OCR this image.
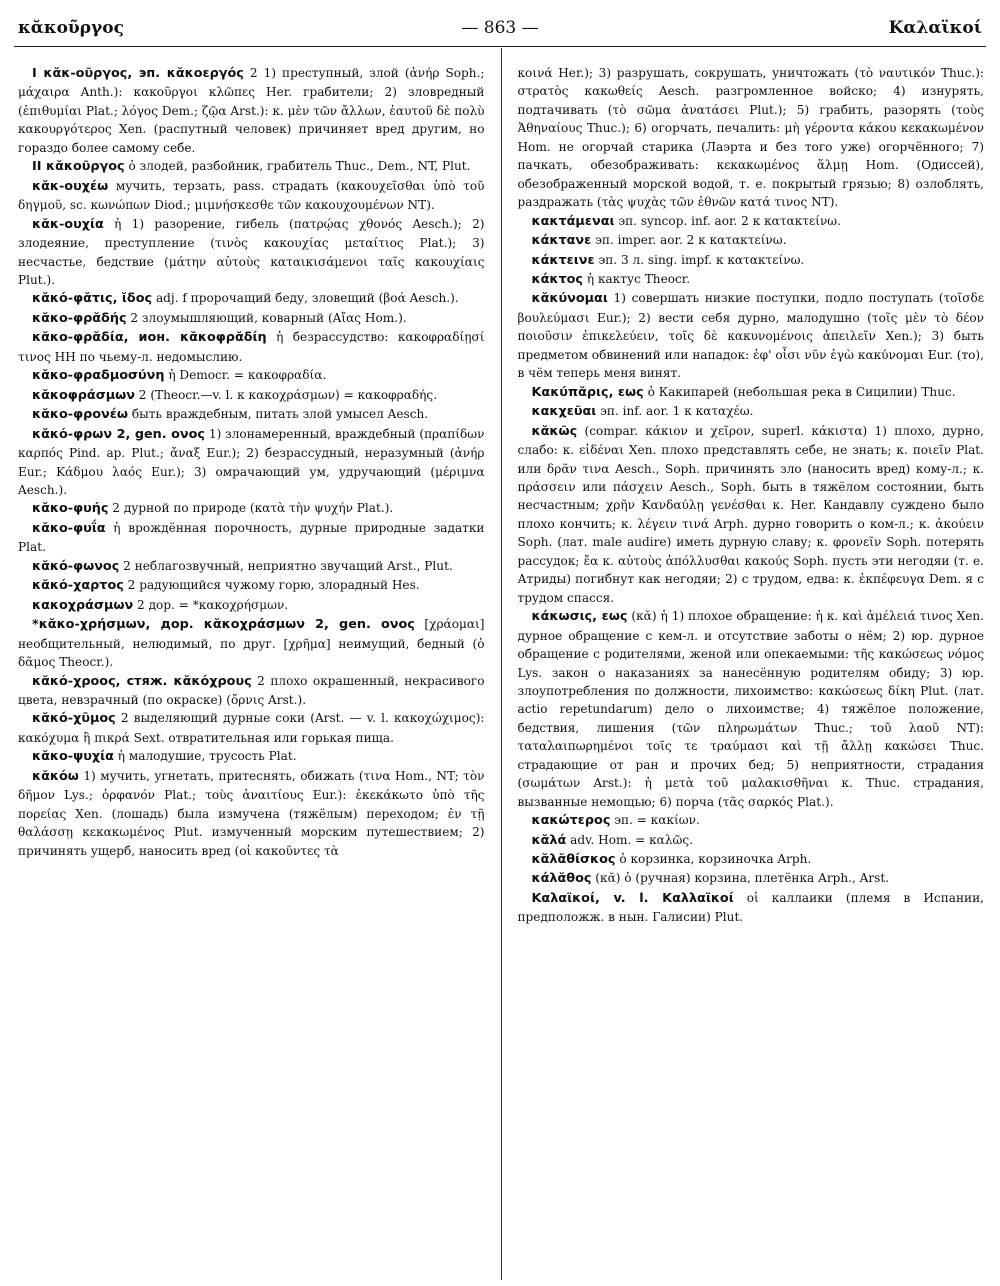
κᾰκοῦργος	— 863 —	Καλαϊκοί

I κᾰκ-οῦργος, эп. κᾰκοεργός 2 1) преступный, злой (ἀνήρ Soph.; μάχαιρα Anth.): κακοῦργοι κλῶπες Her. грабители; 2) зловредный (ἐπιθυμίαι Plat.; λόγος Dem.; ζῷα Arst.): κ. μὲν τῶν ἄλλων, ἑαυτοῦ δὲ πολὺ κακουργότερος Xen. (распутный человек) причиняет вред другим, но гораздо более самому себе.

II κᾰκοῦργος ὁ злодей, разбойник, грабитель Thuc., Dem., NT, Plut.

κᾰκ-ουχέω мучить, терзать, pass. страдать (κακουχεῖσθαι ὑπὸ τοῦ δηγμοῦ, sc. κωνώπων Diod.; μιμνήσκεσθε τῶν κακουχουμένων NT).

κᾰκ-ουχία ἡ 1) разорение, гибель (πατρῴας χθονός Aesch.); 2) злодеяние, преступление (τινὸς κακουχίας μεταίτιος Plat.); 3) несчастье, бедствие (μάτην αὑτοὺς καταικισάμενοι ταῖς κακουχίαις Plut.).

κᾰκό-φᾰτις, ῐδος adj. f пророчащий беду, зловещий (βοά Aesch.).

κᾰκο-φρᾰδής 2 злоумышляющий, коварный (Αἴας Hom.).

κᾰκο-φρᾰδία, ион. κᾰκοφρᾰδίη ἡ безрассудство: κακοφραδίῃσί τινος HH по чьему-л. недомыслию.

κᾰκο-φραδμοσύνη ἡ Democr. = κακοφραδία.

κᾰκοφράσμων 2 (Theocr.—v. l. к κακοχράσμων) = κακοφραδής.

κᾰκο-φρονέω быть враждебным, питать злой умысел Aesch.

κᾰκό-φρων 2, gen. ονος 1) злонамеренный, враждебный (πραπίδων καρπός Pind. ap. Plut.; ἄναξ Eur.); 2) безрассудный, неразумный (ἀνήρ Eur.; Κάδμου λαός Eur.); 3) омрачающий ум, удручающий (μέριμνα Aesch.).

κᾰκο-φυής 2 дурной по природе (κατὰ τὴν ψυχήν Plat.).

κᾰκο-φυΐα ἡ врождённая порочность, дурные природные задатки Plat.

κᾰκό-φωνος 2 неблагозвучный, неприятно звучащий Arst., Plut.

κᾰκό-χαρτος 2 радующийся чужому горю, злорадный Hes.

κακοχράσμων 2 дор. = *κακοχρήσμων.

*κᾰκο-χρήσμων, дор. κᾰκοχράσμων 2, gen. ονος [χράομαι] необщительный, нелюдимый, по друг. [χρῆμα] неимущий, бедный (ὁ δᾶμος Theocr.).

κᾰκό-χροος, стяж. κᾰκόχρους 2 плохо окрашенный, некрасивого цвета, невзрачный (по окраске) (ὄρνις Arst.).

κᾰκό-χῡμος 2 выделяющий дурные соки (Arst. — v. l. κακοχώχιμος): κακόχυμα ἢ πικρά Sext. отвратительная или горькая пища.

κᾰκο-ψυχία ἡ малодушие, трусость Plat.

κᾰκόω 1) мучить, угнетать, притеснять, обижать (τινα Hom., NT; τὸν δῆμον Lys.; ὀρφανόν Plat.; τοὺς ἀναιτίους Eur.): ἐκεκάκωτο ὑπὸ τῆς πορείας Xen. (лошадь) была измучена (тяжёлым) переходом; ἐν τῇ θαλάσσῃ κεκακωμένος Plut. измученный морским путешествием; 2) причинять ущерб, наносить вред (οἱ κακοῦντες τὰ

κοινά Her.); 3) разрушать, сокрушать, уничтожать (τὸ ναυτικόν Thuc.): στρατὸς κακωθείς Aesch. разгромленное войско; 4) изнурять, подтачивать (τὸ σῶμα ἀνατάσει Plut.); 5) грабить, разорять (τοὺς Ἀθηναίους Thuc.); 6) огорчать, печалить: μὴ γέροντα κάκου κεκακωμένον Hom. не огорчай старика (Лаэрта и без того уже) огорчённого; 7) пачкать, обезображивать: κεκακωμένος ἅλμῃ Hom. (Одиссей), обезображенный морской водой, т. е. покрытый грязью; 8) озлоблять, раздражать (τὰς ψυχὰς τῶν ἐθνῶν κατά τινος NT).

κακτάμεναι эп. syncop. inf. aor. 2 к κατακτείνω.

κάκτανε эп. imper. aor. 2 к κατακτείνω.

κάκτεινε эп. 3 л. sing. impf. к κατακτείνω.

κάκτος ἡ кактус Theocr.

κᾰκύνομαι 1) совершать низкие поступки, подло поступать (τοῖσδε βουλεύμασι Eur.); 2) вести себя дурно, малодушно (τοῖς μὲν τὸ δέον ποιοῦσιν ἐπικελεύειν, τοῖς δὲ κακυνομένοις ἀπειλεῖν Xen.); 3) быть предметом обвинений или нападок: ἐφ' οἷσι νῦν ἐγὼ κακύνομαι Eur. (то), в чём теперь меня винят.

Κακύπᾰρις, εως ὁ Какипарей (небольшая река в Сицилии) Thuc.

κακχεῦαι эп. inf. aor. 1 к καταχέω.

κᾰκῶς (compar. κάκιον и χεῖρον, superl. κάκιστα) 1) плохо, дурно, слабо: κ. εἰδέναι Xen. плохо представлять себе, не знать; κ. ποιεῖν Plat. или δρᾶν τινα Aesch., Soph. причинять зло (наносить вред) кому-л.; κ. πράσσειν или πάσχειν Aesch., Soph. быть в тяжёлом состоянии, быть несчастным; χρῆν Κανδαύλῃ γενέσθαι κ. Her. Кандавлу суждено было плохо кончить; κ. λέγειν τινά Arph. дурно говорить о ком-л.; κ. ἀκούειν Soph. (лат. male audire) иметь дурную славу; κ. φρονεῖν Soph. потерять рассудок; ἔα κ. αὐτοὺς ἀπόλλυσθαι κακούς Soph. пусть эти негодяи (т. е. Атриды) погибнут как негодяи; 2) с трудом, едва: κ. ἐκπέφευγα Dem. я с трудом спасся.

κάκωσις, εως (κᾰ) ἡ 1) плохое обращение: ἡ κ. καὶ ἀμέλειά τινος Xen. дурное обращение с кем-л. и отсутствие заботы о нём; 2) юр. дурное обращение с родителями, женой или опекаемыми: τῆς κακώσεως νόμος Lys. закон о наказаниях за нанесённую родителям обиду; 3) юр. злоупотребления по должности, лихоимство: κακώσεως δίκη Plut. (лат. actio repetundarum) дело о лихоимстве; 4) тяжёлое положение, бедствия, лишения (τῶν πληρωμάτων Thuc.; τοῦ λαοῦ NT): ταταλαιπωρημένοι τοῖς τε τραύμασι καὶ τῇ ἄλλῃ κακώσει Thuc. страдающие от ран и прочих бед; 5) неприятности, страдания (σωμάτων Arst.): ἡ μετὰ τοῦ μαλακισθῆναι κ. Thuc. страдания, вызванные немощью; 6) порча (τᾶς σαρκός Plat.).

κακώτερος эп. = κακίων.

κᾰλά adv. Hom. = καλῶς.

κᾰλᾰθίσκος ὁ корзинка, корзиночка Arph.

κάλᾰθος (κᾰ) ὁ (ручная) корзина, плетёнка Arph., Arst.

Καλαϊκοί, v. l. Καλλαϊκοί οἱ каллаики (племя в Испании, предположж. в нын. Галисии) Plut.
